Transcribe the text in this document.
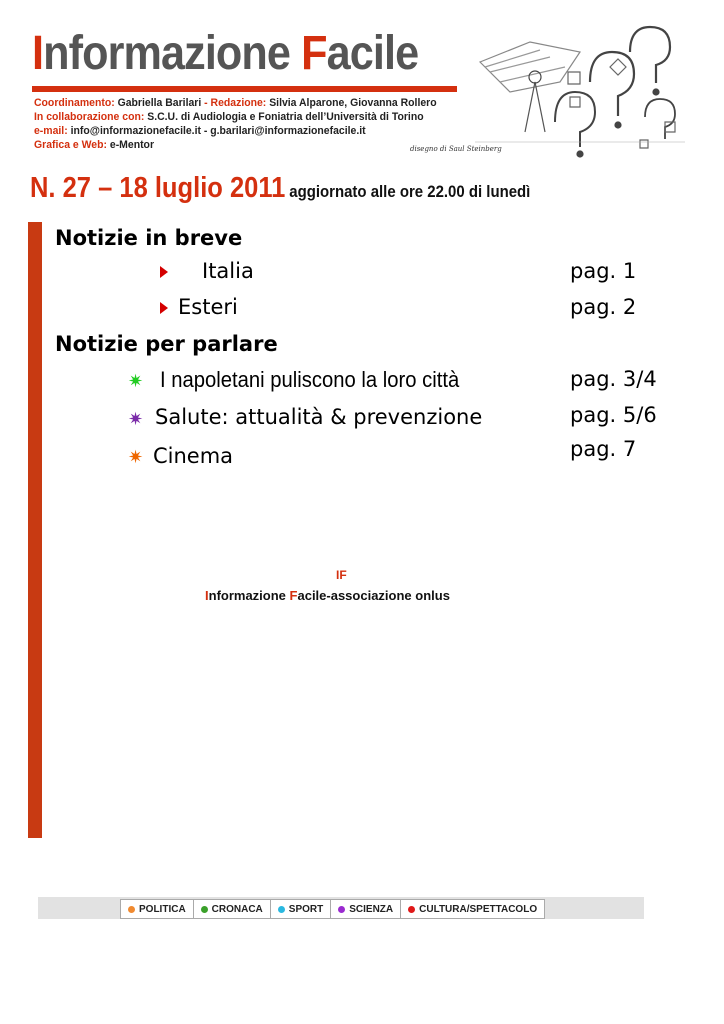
Informazione Facile
Coordinamento: Gabriella Barilari - Redazione: Silvia Alparone, Giovanna Rollero
In collaborazione con: S.C.U. di Audiologia e Foniatria dell’Università di Torino
e-mail: info@informazionefacile.it - g.barilari@informazionefacile.it
Grafica e Web: e-Mentor	disegno di Saul Steinberg
N. 27 – 18 luglio 2011 aggiornato alle ore 22.00 di lunedì
Notizie in breve
Italia	pag. 1
Esteri	pag. 2
Notizie per parlare
✷ I napoletani puliscono la loro città	pag. 3/4
✷ Salute: attualità & prevenzione	pag. 5/6
✷ Cinema	pag. 7
IF
Informazione Facile-associazione onlus
POLITICA	CRONACA	SPORT	SCIENZA	CULTURA/SPETTACOLO
